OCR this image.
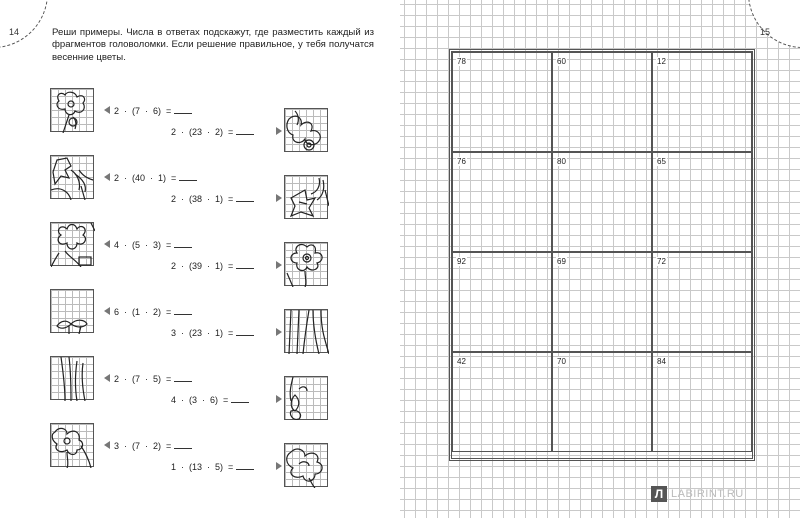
14	Реши примеры. Числа в ответах подскажут, где разместить каждый из фрагментов головоломки. Если решение правильное, у тебя получатся весенние цветы.
2  ·  (7  ·  6)  =
2  ·  (23  ·  2)  =
2  ·  (40  ·  1)  =
2  ·  (38  ·  1)  =
4  ·  (5  ·  3)  =
2  ·  (39  ·  1)  =
6  ·  (1  ·  2)  =
3  ·  (23  ·  1)  =
2  ·  (7  ·  5)  =
4  ·  (3  ·  6)  =
3  ·  (7  ·  2)  =
1  ·  (13  ·  5)  =
15
78	60	12
76	80	65
92	69	72
42	70	84
Л LABIRINT.RU
